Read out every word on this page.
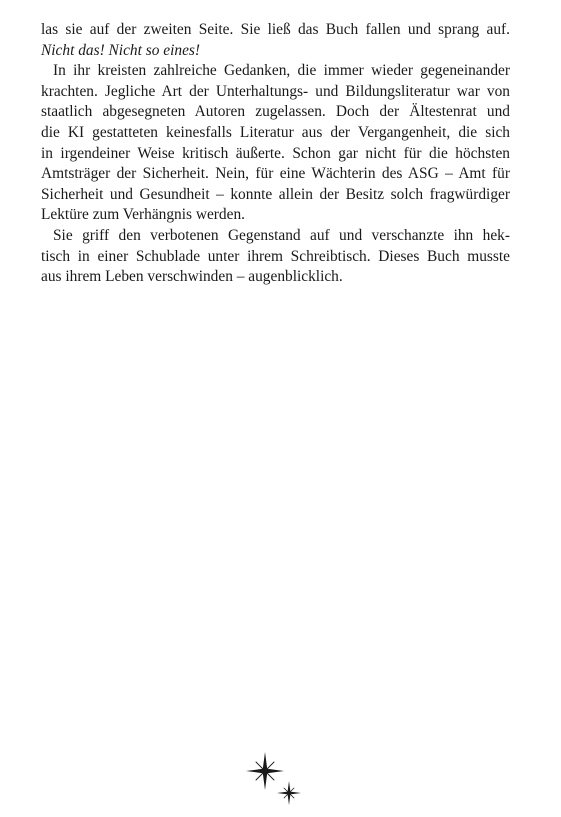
las sie auf der zweiten Seite. Sie ließ das Buch fallen und sprang auf.
Nicht das! Nicht so eines!
In ihr kreisten zahlreiche Gedanken, die immer wieder gegeneinander
krachten. Jegliche Art der Unterhaltungs- und Bildungsliteratur war von
staatlich abgesegneten Autoren zugelassen. Doch der Ältestenrat und
die KI gestatteten keinesfalls Literatur aus der Vergangenheit, die sich
in irgendeiner Weise kritisch äußerte. Schon gar nicht für die höchsten
Amtsträger der Sicherheit. Nein, für eine Wächterin des ASG – Amt für
Sicherheit und Gesundheit – konnte allein der Besitz solch fragwürdiger
Lektüre zum Verhängnis werden.
Sie griff den verbotenen Gegenstand auf und verschanzte ihn hek-
tisch in einer Schublade unter ihrem Schreibtisch. Dieses Buch musste
aus ihrem Leben verschwinden – augenblicklich.
